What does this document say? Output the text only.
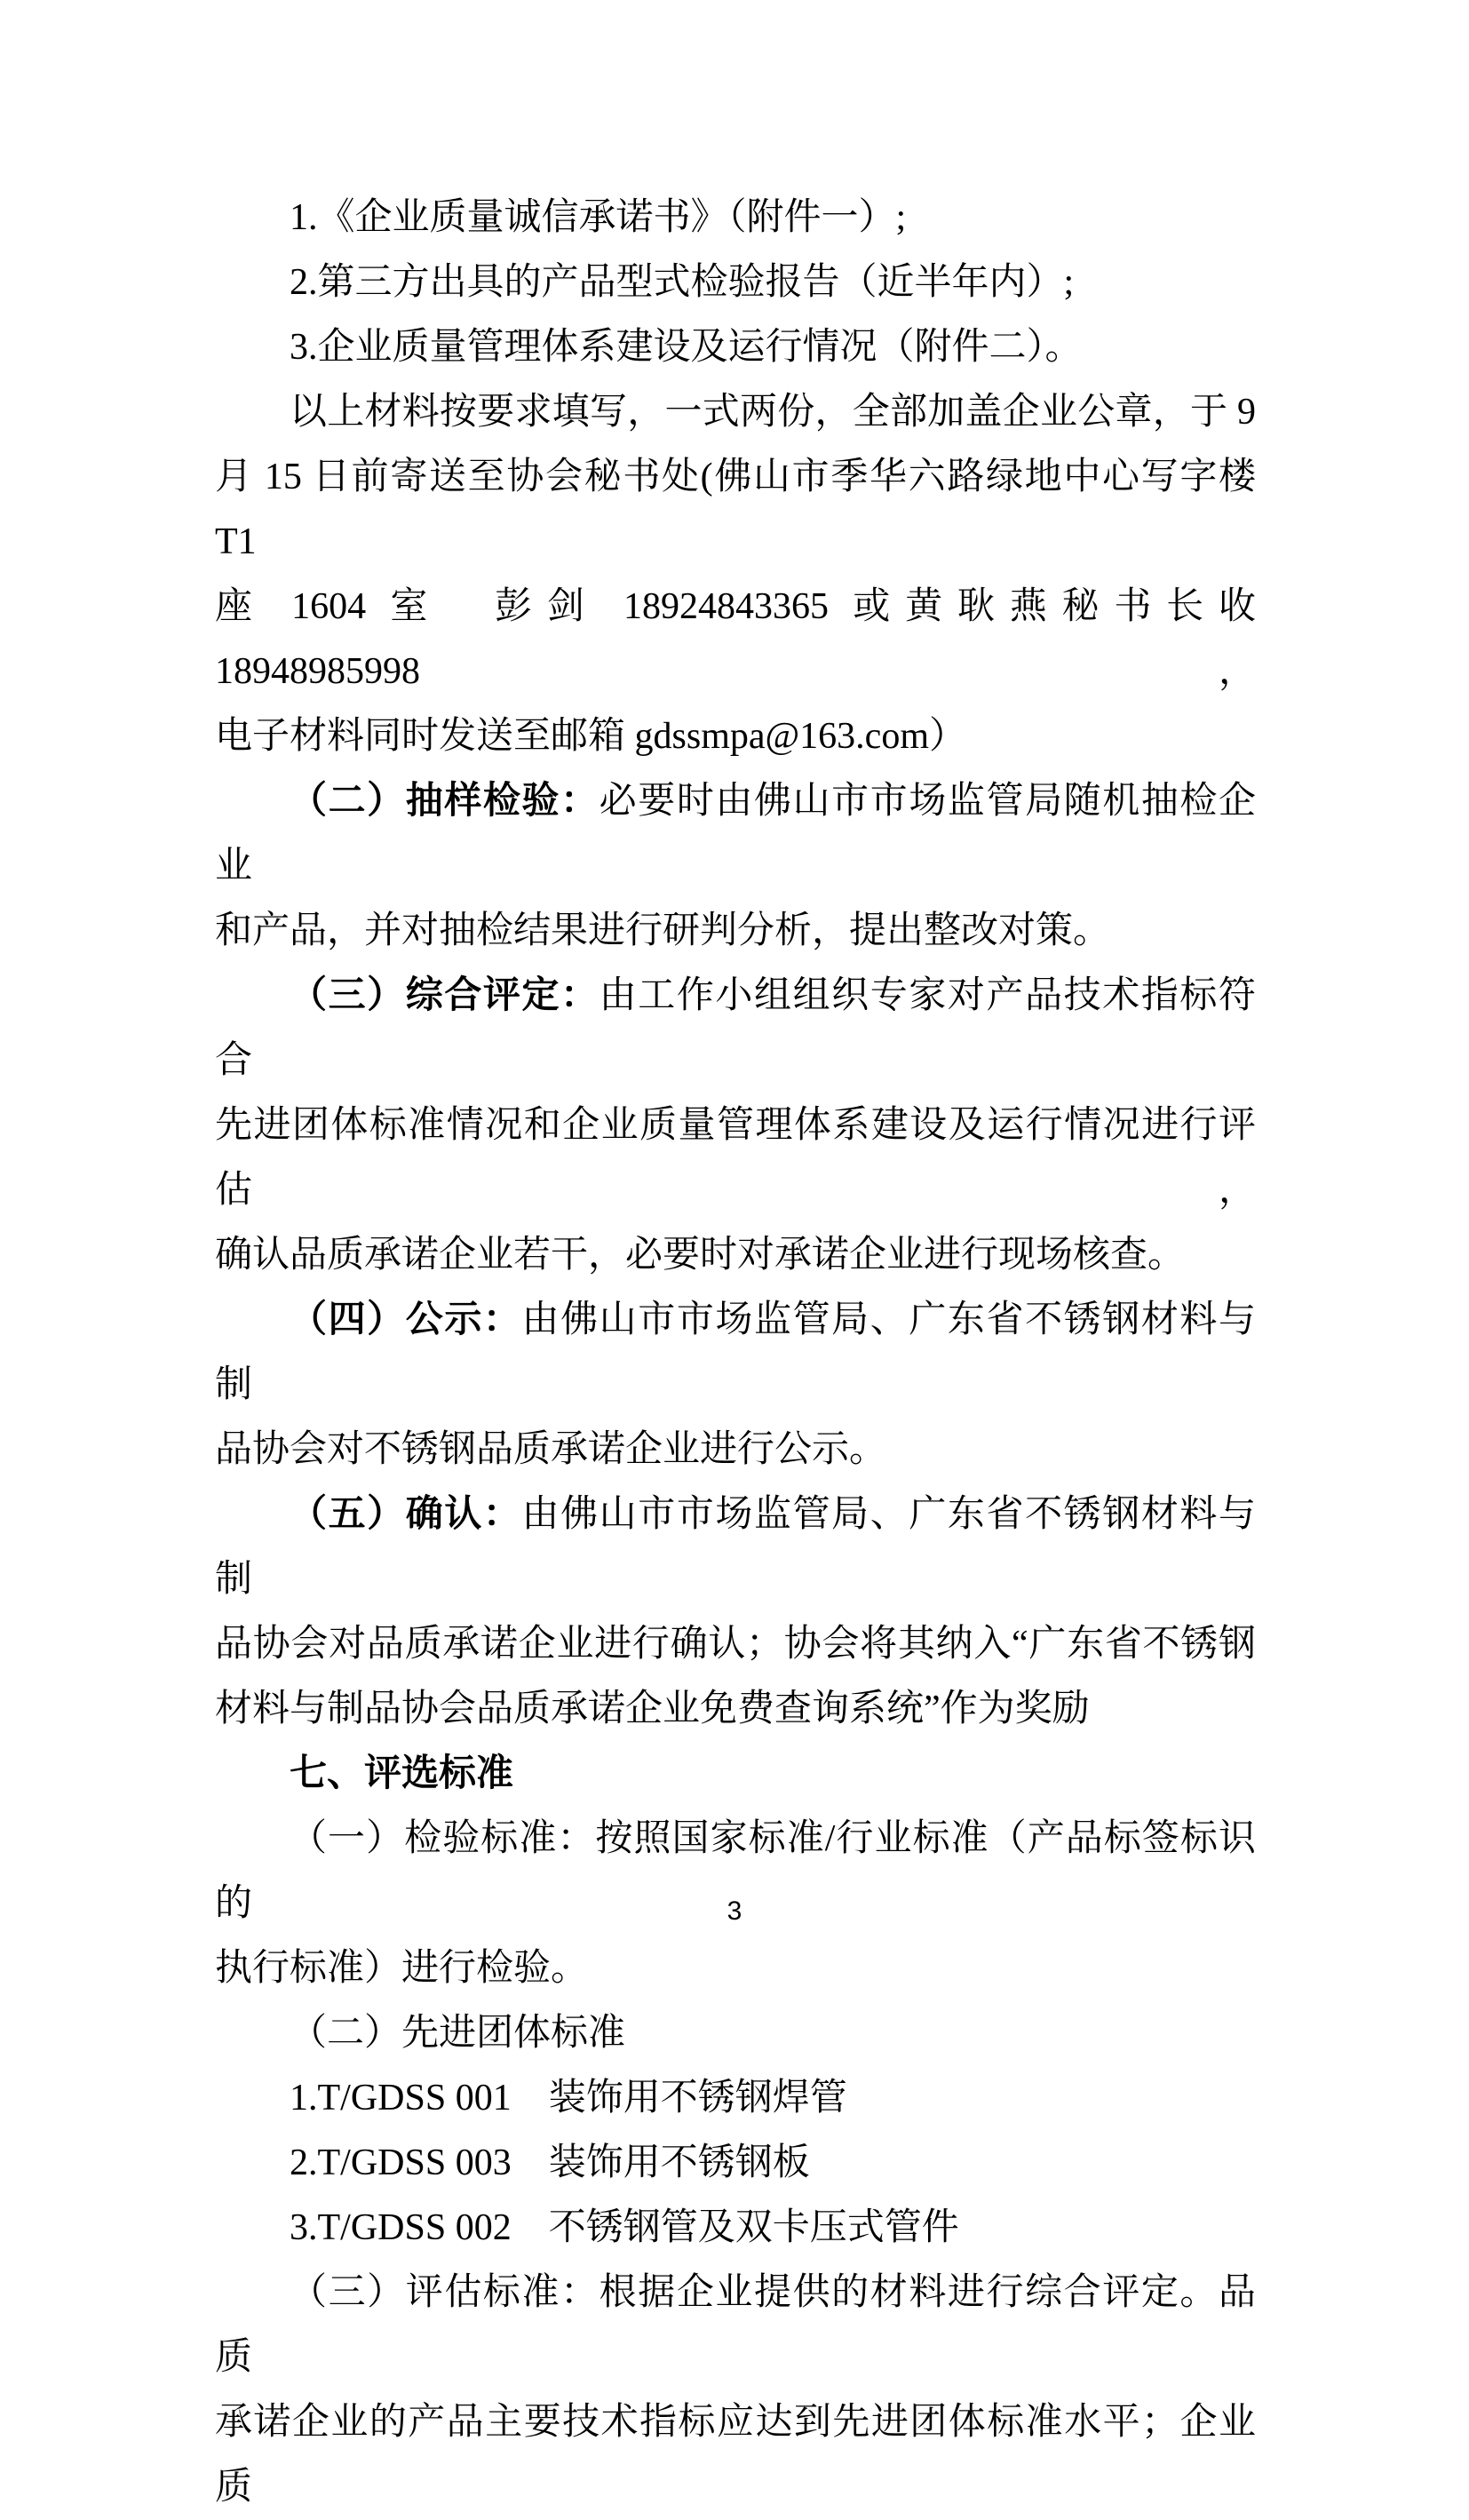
1.《企业质量诚信承诺书》（附件一）;
2.第三方出具的产品型式检验报告（近半年内）;
3.企业质量管理体系建设及运行情况（附件二）。
以上材料按要求填写，一式两份，全部加盖企业公章，于 9
月 15 日前寄送至协会秘书处(佛山市季华六路绿地中心写字楼 T1
座 1604 室　彭剑 18924843365 或黄耿燕秘书长收 18948985998，
电子材料同时发送至邮箱 gdssmpa@163.com）
（二）抽样检验：必要时由佛山市市场监管局随机抽检企业
和产品，并对抽检结果进行研判分析，提出整改对策。
（三）综合评定：由工作小组组织专家对产品技术指标符合
先进团体标准情况和企业质量管理体系建设及运行情况进行评估，
确认品质承诺企业若干，必要时对承诺企业进行现场核查。
（四）公示：由佛山市市场监管局、广东省不锈钢材料与制
品协会对不锈钢品质承诺企业进行公示。
（五）确认：由佛山市市场监管局、广东省不锈钢材料与制
品协会对品质承诺企业进行确认；协会将其纳入“广东省不锈钢
材料与制品协会品质承诺企业免费查询系统”作为奖励
七、评选标准
（一）检验标准：按照国家标准/行业标准（产品标签标识的
执行标准）进行检验。
（二）先进团体标准
1.T/GDSS 001　装饰用不锈钢焊管
2.T/GDSS 003　装饰用不锈钢板
3.T/GDSS 002　不锈钢管及双卡压式管件
（三）评估标准：根据企业提供的材料进行综合评定。品质
承诺企业的产品主要技术指标应达到先进团体标准水平；企业质
3
